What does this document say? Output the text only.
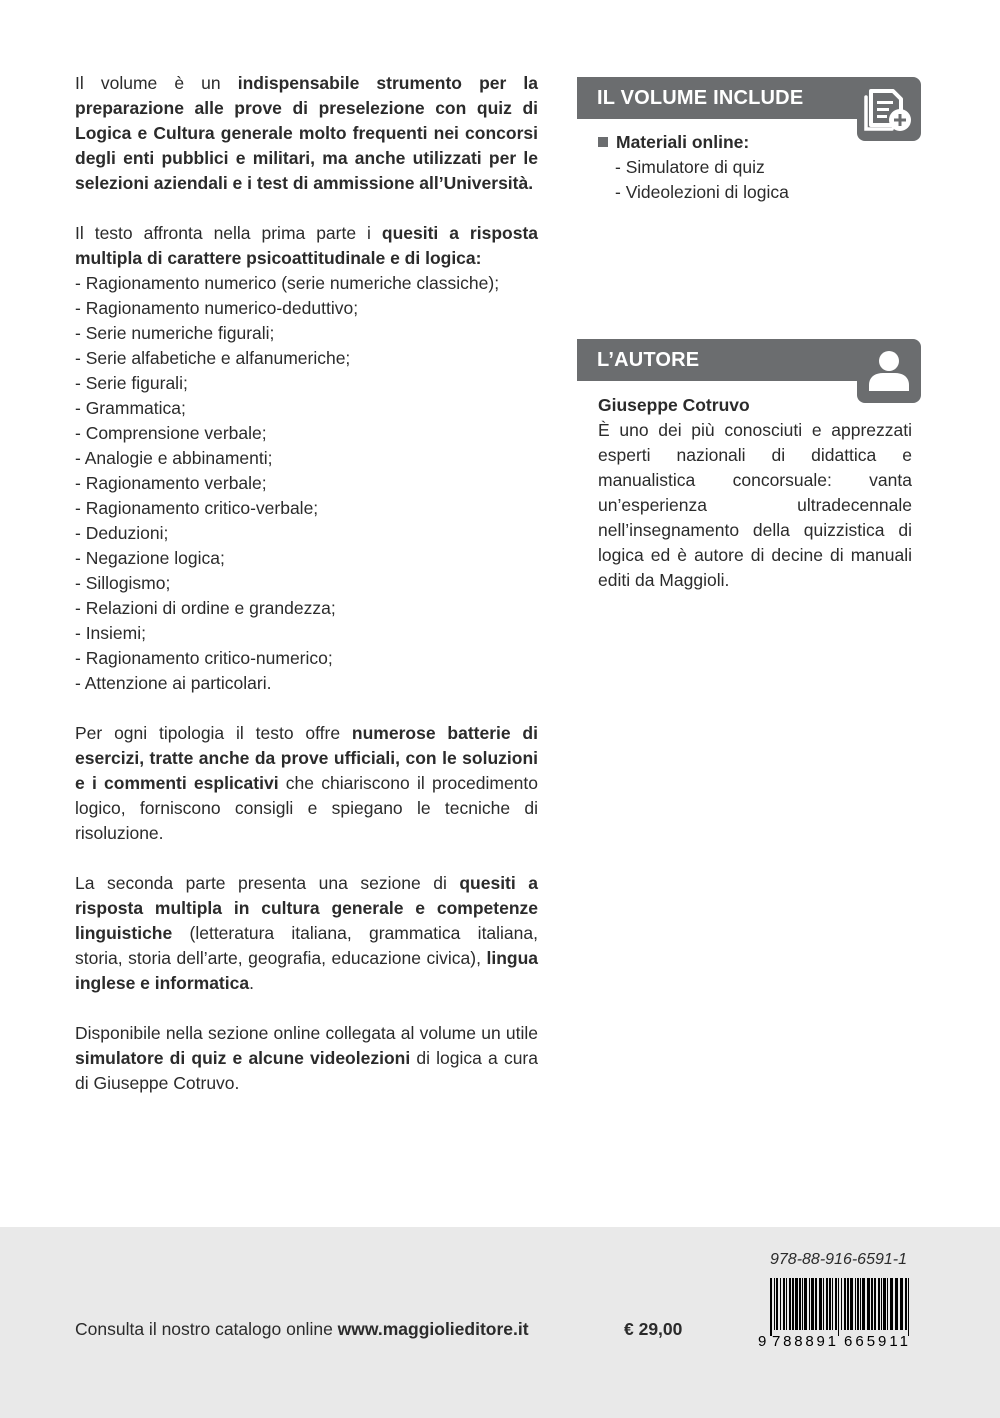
Il volume è un indispensabile strumento per la preparazione alle prove di preselezione con quiz di Logica e Cultura generale molto frequenti nei concorsi degli enti pubblici e militari, ma anche utilizzati per le selezioni aziendali e i test di ammissione all’Università.

Il testo affronta nella prima parte i quesiti a risposta multipla di carattere psicoattitudinale e di logica:

- Ragionamento numerico (serie numeriche classiche);
- Ragionamento numerico-deduttivo;
- Serie numeriche figurali;
- Serie alfabetiche e alfanumeriche;
- Serie figurali;
- Grammatica;
- Comprensione verbale;
- Analogie e abbinamenti;
- Ragionamento verbale;
- Ragionamento critico-verbale;
- Deduzioni;
- Negazione logica;
- Sillogismo;
- Relazioni di ordine e grandezza;
- Insiemi;
- Ragionamento critico-numerico;
- Attenzione ai particolari.

Per ogni tipologia il testo offre numerose batterie di esercizi, tratte anche da prove ufficiali, con le soluzioni e i commenti esplicativi che chiariscono il procedimento logico, forniscono consigli e spiegano le tecniche di risoluzione.

La seconda parte presenta una sezione di quesiti a risposta multipla in cultura generale e competenze linguistiche (letteratura italiana, grammatica italiana, storia, storia dell’arte, geografia, educazione civica), lingua inglese e informatica.

Disponibile nella sezione online collegata al volume un utile simulatore di quiz e alcune videolezioni di logica a cura di Giuseppe Cotruvo.

IL VOLUME INCLUDE
Materiali online:
- Simulatore di quiz
- Videolezioni di logica
L’AUTORE
Giuseppe Cotruvo
È uno dei più conosciuti e apprezzati esperti nazionali di didattica e manualistica concorsuale: vanta un’esperienza ultradecennale nell’insegnamento della quizzistica di logica ed è autore di decine di manuali editi da Maggioli.
Consulta il nostro catalogo online www.maggiolieditore.it	€ 29,00
978-88-916-6591-1
9 788891 665911
